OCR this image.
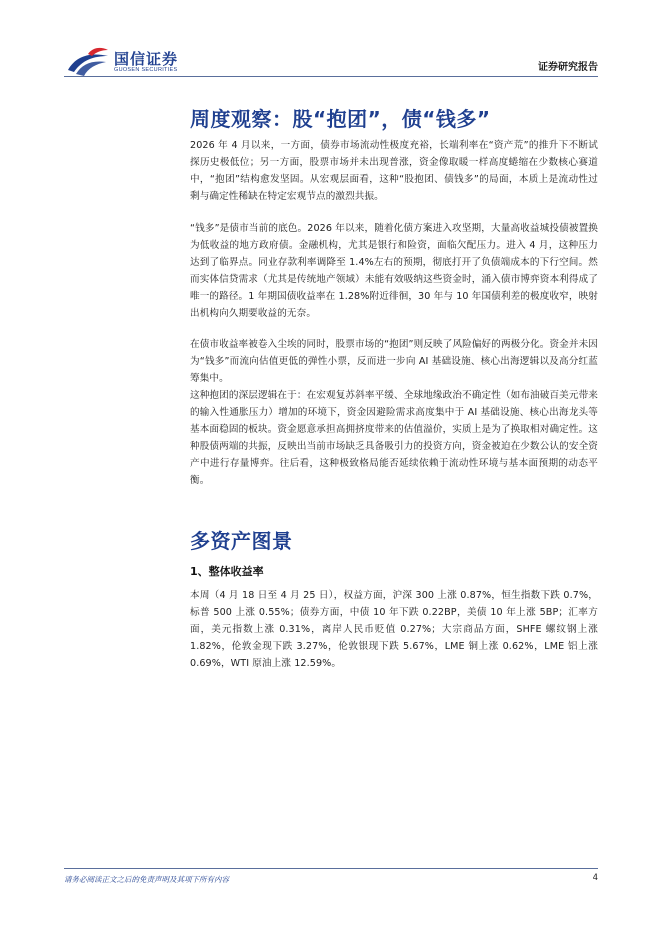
国信证券
GUOSEN SECURITIES	证券研究报告
周度观察：股“抱团”，债“钱多”
2026 年 4 月以来，一方面，债券市场流动性极度充裕，长端利率在“资产荒”的推升下不断试探历史极低位；另一方面，股票市场并未出现普涨，资金像取暖一样高度蜷缩在少数核心赛道中，“抱团”结构愈发坚固。从宏观层面看，这种“股抱团、债钱多”的局面，本质上是流动性过剩与确定性稀缺在特定宏观节点的激烈共振。
“钱多”是债市当前的底色。2026 年以来，随着化债方案进入攻坚期，大量高收益城投债被置换为低收益的地方政府债。金融机构，尤其是银行和险资，面临欠配压力。进入 4 月，这种压力达到了临界点。同业存款利率调降至 1.4%左右的预期，彻底打开了负债端成本的下行空间。然而实体信贷需求（尤其是传统地产领域）未能有效吸纳这些资金时，涌入债市博弈资本利得成了唯一的路径。1 年期国债收益率在 1.28%附近徘徊，30 年与 10 年国债利差的极度收窄，映射出机构向久期要收益的无奈。
在债市收益率被卷入尘埃的同时，股票市场的“抱团”则反映了风险偏好的两极分化。资金并未因为“钱多”而流向估值更低的弹性小票，反而进一步向 AI 基础设施、核心出海逻辑以及高分红蓝筹集中。
这种抱团的深层逻辑在于：在宏观复苏斜率平缓、全球地缘政治不确定性（如布油破百美元带来的输入性通胀压力）增加的环境下，资金因避险需求高度集中于 AI 基础设施、核心出海龙头等基本面稳固的板块。资金愿意承担高拥挤度带来的估值溢价，实质上是为了换取相对确定性。这种股债两端的共振，反映出当前市场缺乏具备吸引力的投资方向，资金被迫在少数公认的安全资产中进行存量博弈。往后看，这种极致格局能否延续依赖于流动性环境与基本面预期的动态平衡。
多资产图景
1、整体收益率
本周（4 月 18 日至 4 月 25 日），权益方面，沪深 300 上涨 0.87%，恒生指数下跌 0.7%，标普 500 上涨 0.55%；债券方面，中债 10 年下跌 0.22BP，美债 10 年上涨 5BP；汇率方面，美元指数上涨 0.31%，离岸人民币贬值 0.27%；大宗商品方面，SHFE 螺纹钢上涨 1.82%，伦敦金现下跌 3.27%，伦敦银现下跌 5.67%，LME 铜上涨 0.62%，LME 铝上涨 0.69%，WTI 原油上涨 12.59%。
请务必阅读正文之后的免责声明及其项下所有内容	4
